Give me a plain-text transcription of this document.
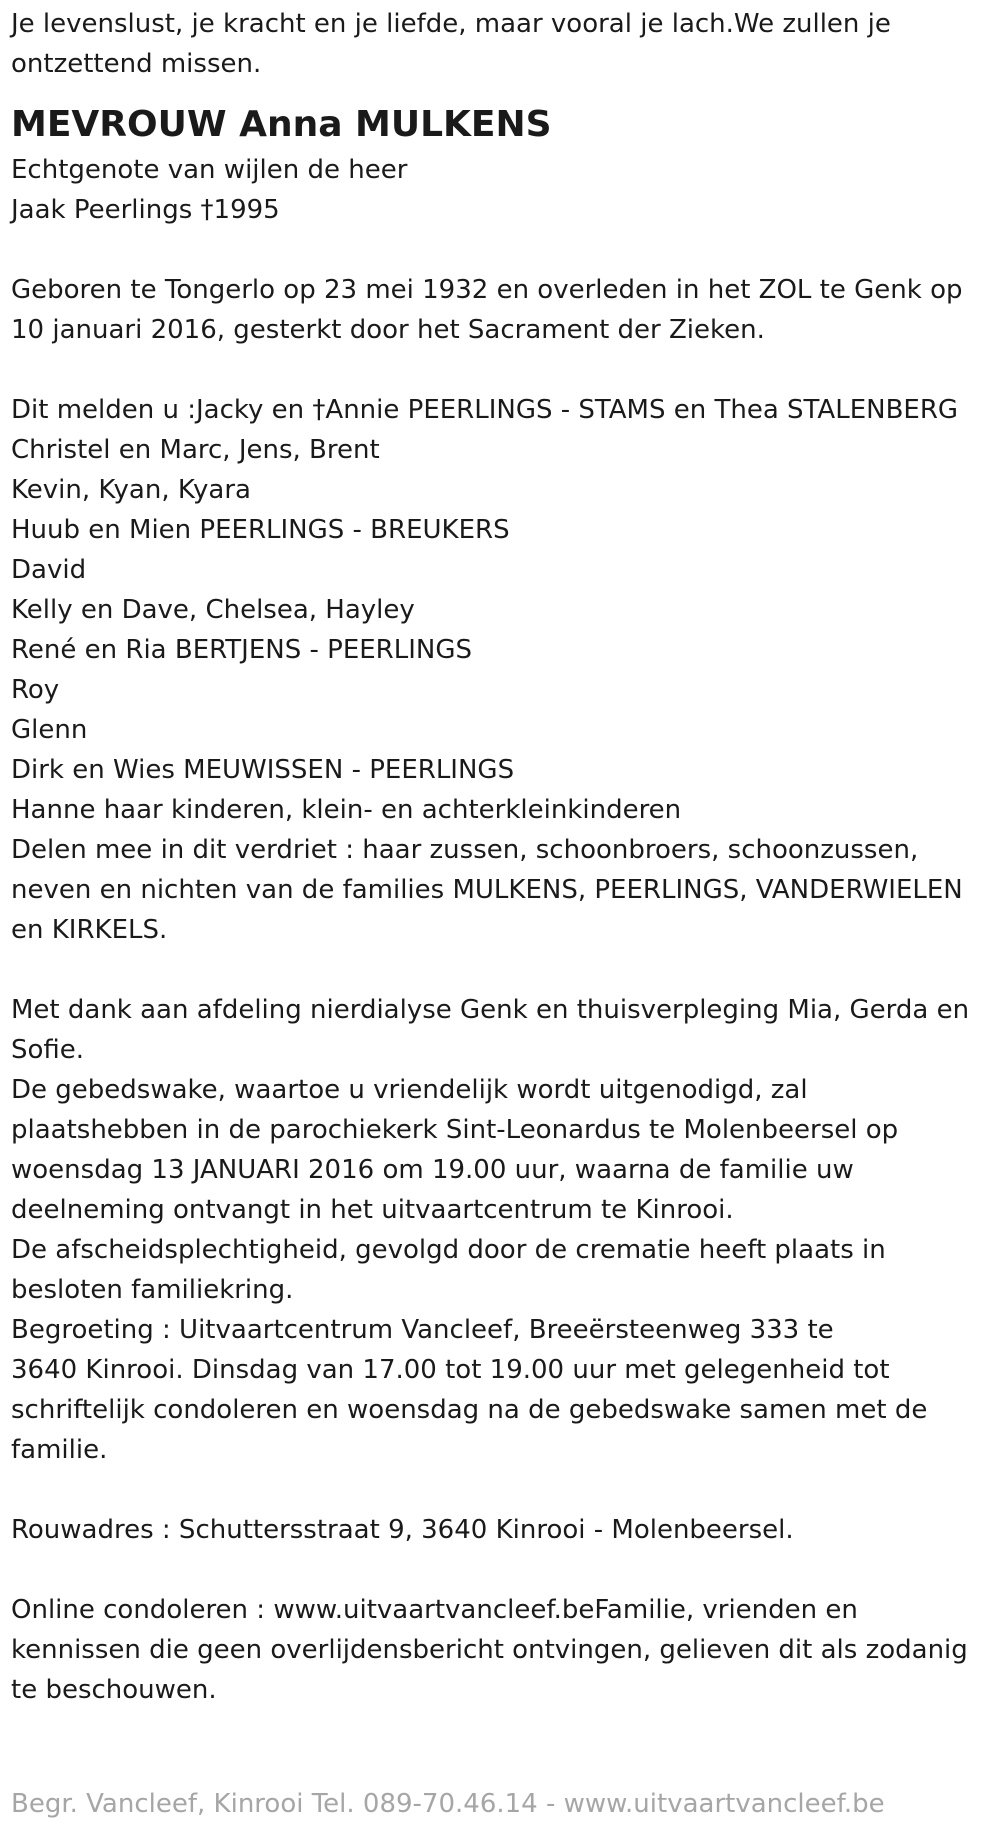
Je levenslust, je kracht en je liefde, maar vooral je lach.We zullen je
ontzettend missen.

MEVROUW Anna MULKENS

Echtgenote van wijlen de heer
Jaak Peerlings †1995

Geboren te Tongerlo op 23 mei 1932 en overleden in het ZOL te Genk op
10 januari 2016, gesterkt door het Sacrament der Zieken.

Dit melden u :Jacky en †Annie PEERLINGS - STAMS en Thea STALENBERG
Christel en Marc, Jens, Brent
Kevin, Kyan, Kyara
Huub en Mien PEERLINGS - BREUKERS
David
Kelly en Dave, Chelsea, Hayley
René en Ria BERTJENS - PEERLINGS
Roy
Glenn
Dirk en Wies MEUWISSEN - PEERLINGS
Hanne haar kinderen, klein- en achterkleinkinderen
Delen mee in dit verdriet : haar zussen, schoonbroers, schoonzussen,
neven en nichten van de families MULKENS, PEERLINGS, VANDERWIELEN
en KIRKELS.

Met dank aan afdeling nierdialyse Genk en thuisverpleging Mia, Gerda en
Sofie.
De gebedswake, waartoe u vriendelijk wordt uitgenodigd, zal
plaatshebben in de parochiekerk Sint-Leonardus te Molenbeersel op
woensdag 13 JANUARI 2016 om 19.00 uur, waarna de familie uw
deelneming ontvangt in het uitvaartcentrum te Kinrooi.
De afscheidsplechtigheid, gevolgd door de crematie heeft plaats in
besloten familiekring.
Begroeting : Uitvaartcentrum Vancleef, Breeërsteenweg 333 te
3640 Kinrooi. Dinsdag van 17.00 tot 19.00 uur met gelegenheid tot
schriftelijk condoleren en woensdag na de gebedswake samen met de
familie.

Rouwadres : Schuttersstraat 9, 3640 Kinrooi - Molenbeersel.

Online condoleren : www.uitvaartvancleef.beFamilie, vrienden en
kennissen die geen overlijdensbericht ontvingen, gelieven dit als zodanig
te beschouwen.

Begr. Vancleef, Kinrooi Tel. 089-70.46.14 - www.uitvaartvancleef.be
